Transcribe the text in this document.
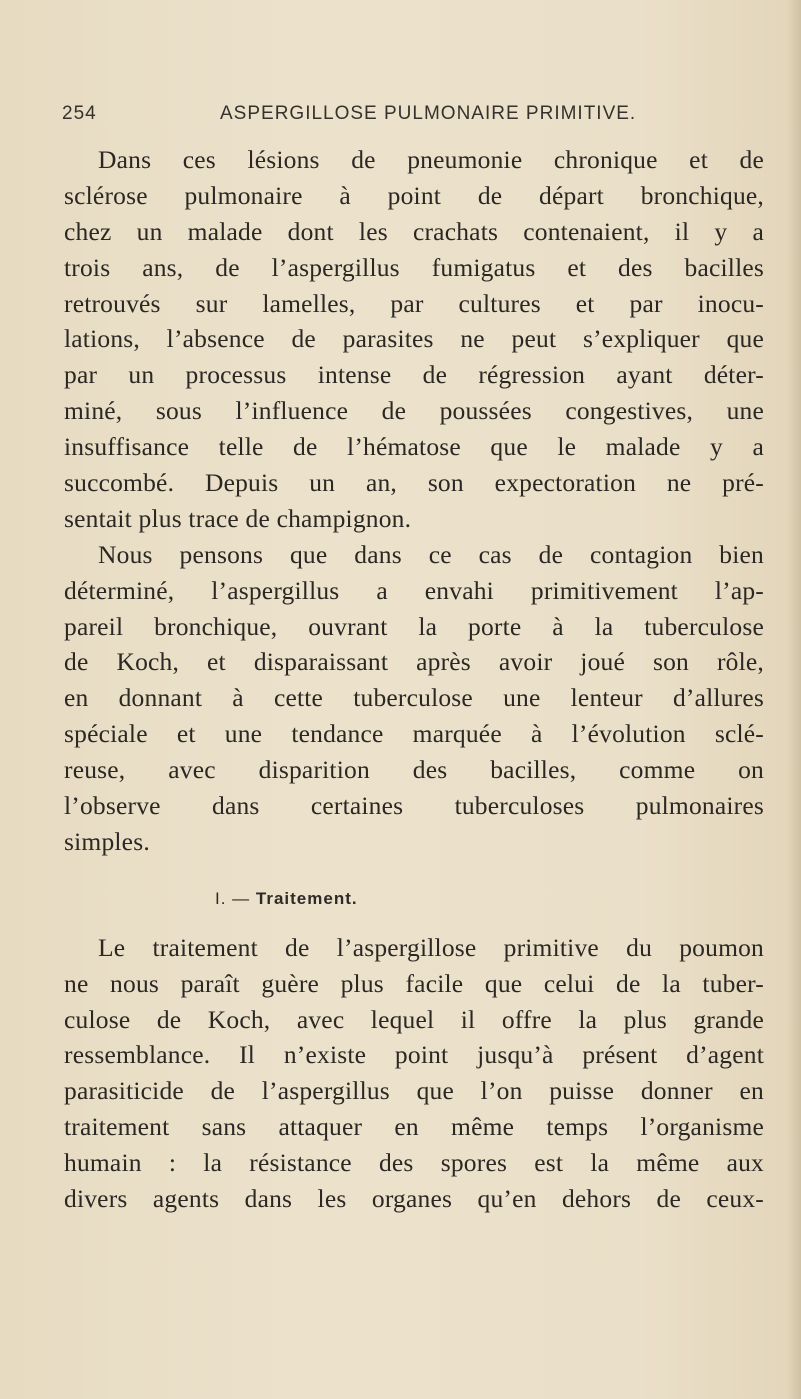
254	ASPERGILLOSE PULMONAIRE PRIMITIVE.
Dans ces lésions de pneumonie chronique et de
sclérose pulmonaire à point de départ bronchique,
chez un malade dont les crachats contenaient, il y a
trois ans, de l’aspergillus fumigatus et des bacilles
retrouvés sur lamelles, par cultures et par inocu-
lations, l’absence de parasites ne peut s’expliquer que
par un processus intense de régression ayant déter-
miné, sous l’influence de poussées congestives, une
insuffisance telle de l’hématose que le malade y a
succombé. Depuis un an, son expectoration ne pré-
sentait plus trace de champignon.
Nous pensons que dans ce cas de contagion bien
déterminé, l’aspergillus a envahi primitivement l’ap-
pareil bronchique, ouvrant la porte à la tuberculose
de Koch, et disparaissant après avoir joué son rôle,
en donnant à cette tuberculose une lenteur d’allures
spéciale et une tendance marquée à l’évolution sclé-
reuse, avec disparition des bacilles, comme on
l’observe dans certaines tuberculoses pulmonaires
simples.
I. — Traitement.
Le traitement de l’aspergillose primitive du poumon
ne nous paraît guère plus facile que celui de la tuber-
culose de Koch, avec lequel il offre la plus grande
ressemblance. Il n’existe point jusqu’à présent d’agent
parasiticide de l’aspergillus que l’on puisse donner en
traitement sans attaquer en même temps l’organisme
humain : la résistance des spores est la même aux
divers agents dans les organes qu’en dehors de ceux-
